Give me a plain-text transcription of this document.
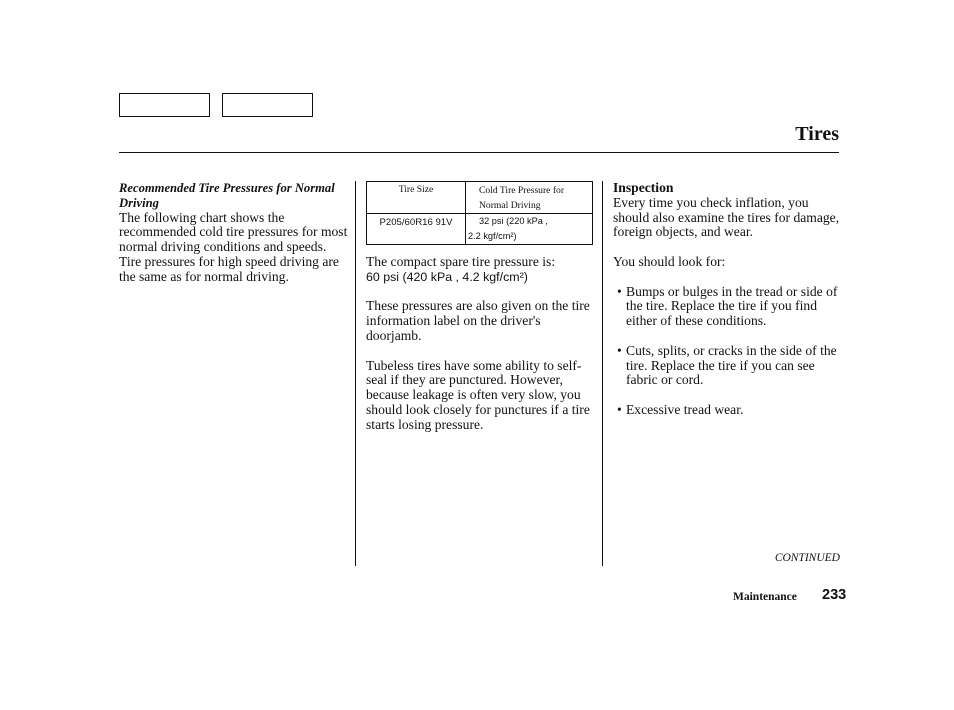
Tires

Recommended Tire Pressures for Normal Driving

The following chart shows the recommended cold tire pressures for most normal driving conditions and speeds. Tire pressures for high speed driving are the same as for normal driving.

Tire Size	Cold Tire Pressure for Normal Driving
P205/60R16 91V	32 psi (220 kPa ,
2.2 kgf/cm²)

The compact spare tire pressure is:

60 psi (420 kPa , 4.2 kgf/cm²)

These pressures are also given on the tire information label on the driver's doorjamb.

Tubeless tires have some ability to self-seal if they are punctured. However, because leakage is often very slow, you should look closely for punctures if a tire starts losing pressure.

Inspection

Every time you check inflation, you should also examine the tires for damage, foreign objects, and wear.

You should look for:

• Bumps or bulges in the tread or side of the tire. Replace the tire if you find either of these conditions.
• Cuts, splits, or cracks in the side of the tire. Replace the tire if you can see fabric or cord.
• Excessive tread wear.
CONTINUED
Maintenance 233
